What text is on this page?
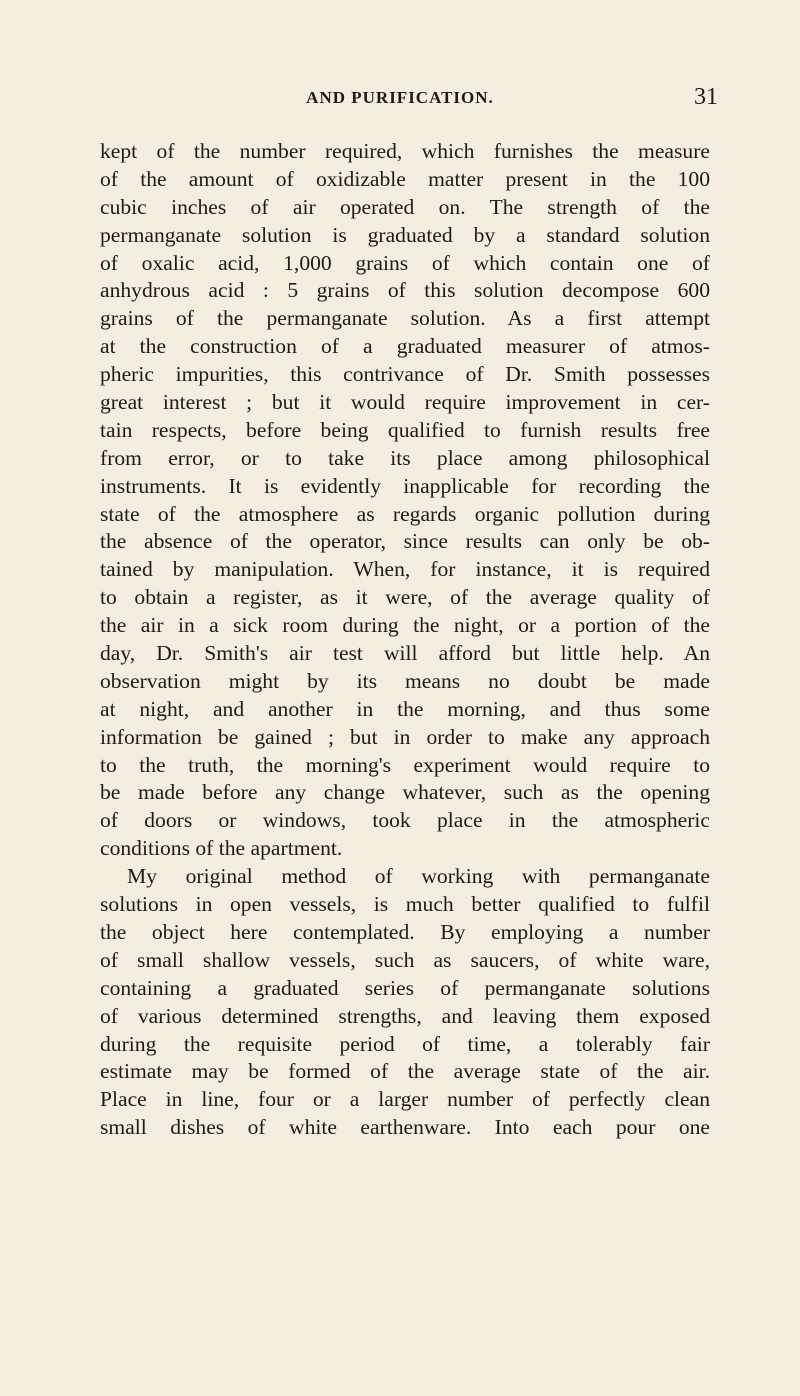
AND PURIFICATION.	31
kept of the number required, which furnishes the measure
of the amount of oxidizable matter present in the 100
cubic inches of air operated on. The strength of the
permanganate solution is graduated by a standard solution
of oxalic acid, 1,000 grains of which contain one of
anhydrous acid : 5 grains of this solution decompose 600
grains of the permanganate solution. As a first attempt
at the construction of a graduated measurer of atmos-
pheric impurities, this contrivance of Dr. Smith possesses
great interest ; but it would require improvement in cer-
tain respects, before being qualified to furnish results free
from error, or to take its place among philosophical
instruments. It is evidently inapplicable for recording the
state of the atmosphere as regards organic pollution during
the absence of the operator, since results can only be ob-
tained by manipulation. When, for instance, it is required
to obtain a register, as it were, of the average quality of
the air in a sick room during the night, or a portion of the
day, Dr. Smith's air test will afford but little help. An
observation might by its means no doubt be made
at night, and another in the morning, and thus some
information be gained ; but in order to make any approach
to the truth, the morning's experiment would require to
be made before any change whatever, such as the opening
of doors or windows, took place in the atmospheric
conditions of the apartment.
My original method of working with permanganate
solutions in open vessels, is much better qualified to fulfil
the object here contemplated. By employing a number
of small shallow vessels, such as saucers, of white ware,
containing a graduated series of permanganate solutions
of various determined strengths, and leaving them exposed
during the requisite period of time, a tolerably fair
estimate may be formed of the average state of the air.
Place in line, four or a larger number of perfectly clean
small dishes of white earthenware. Into each pour one
